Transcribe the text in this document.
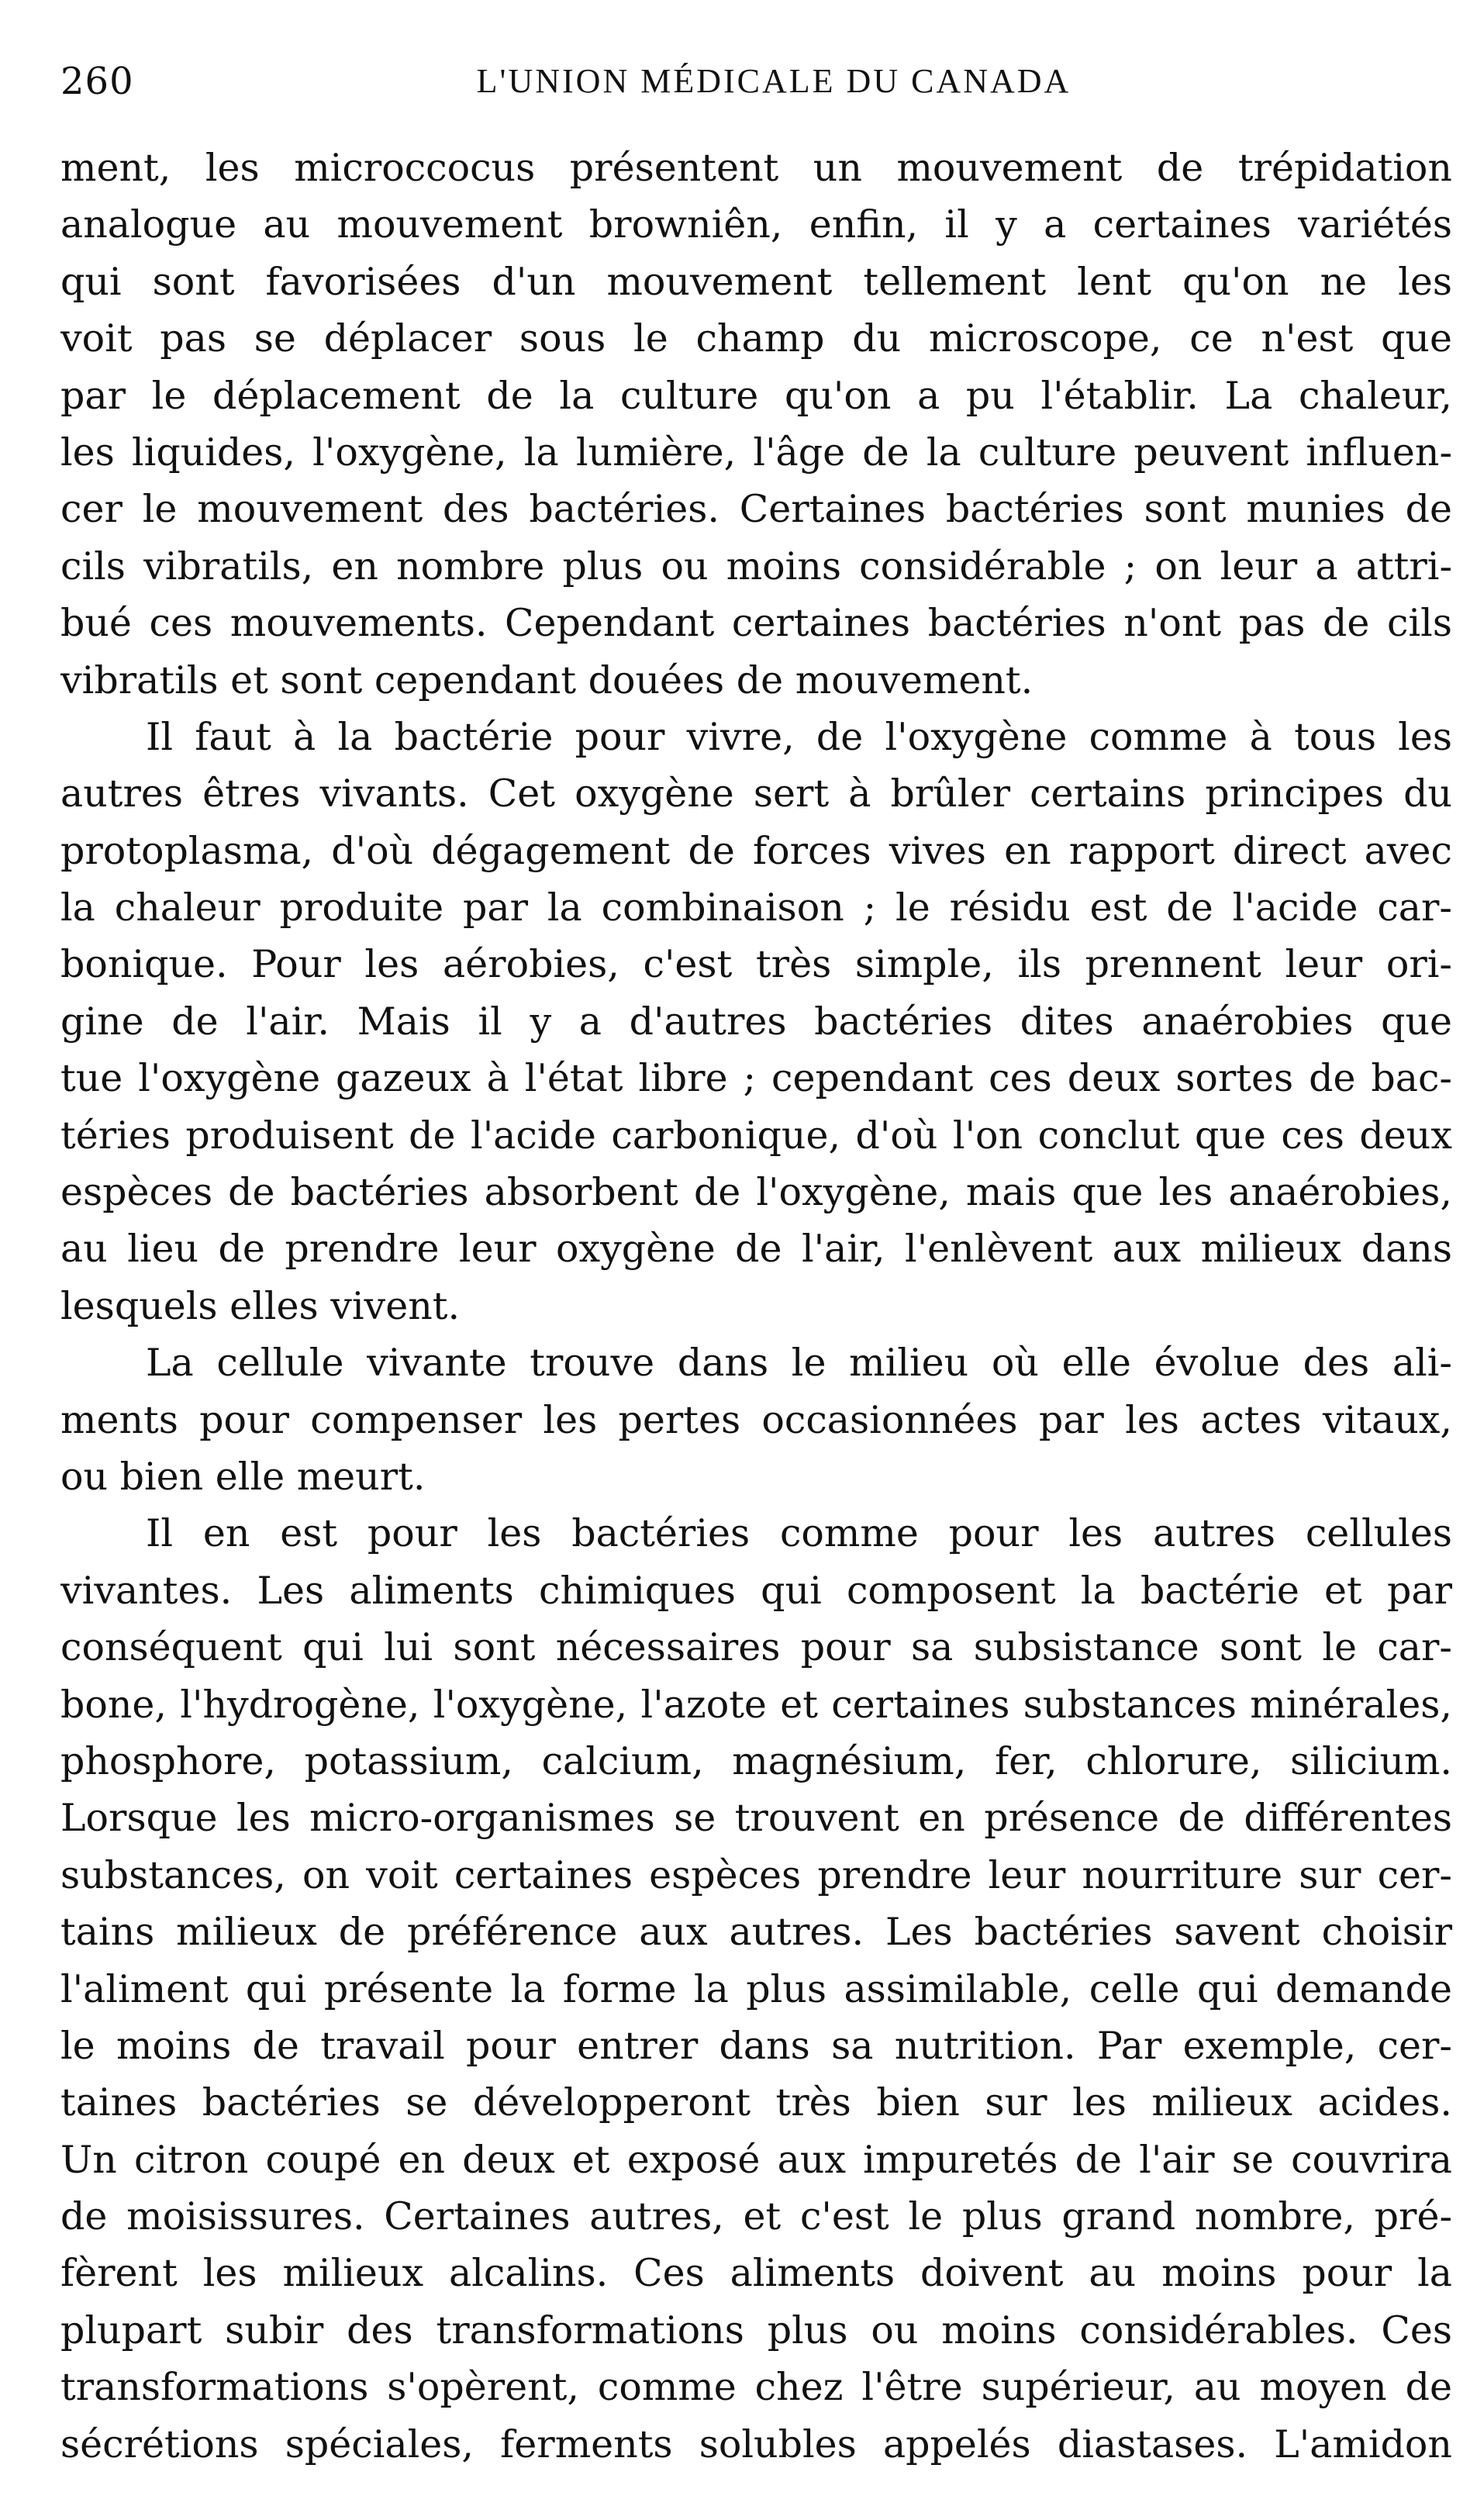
260	L'UNION MÉDICALE DU CANADA
ment, les microccocus présentent un mouvement de trépidation
analogue au mouvement browniên, enfin, il y a certaines variétés
qui sont favorisées d'un mouvement tellement lent qu'on ne les
voit pas se déplacer sous le champ du microscope, ce n'est que
par le déplacement de la culture qu'on a pu l'établir. La chaleur,
les liquides, l'oxygène, la lumière, l'âge de la culture peuvent influen-
cer le mouvement des bactéries. Certaines bactéries sont munies de
cils vibratils, en nombre plus ou moins considérable ; on leur a attri-
bué ces mouvements. Cependant certaines bactéries n'ont pas de cils
vibratils et sont cependant douées de mouvement.
Il faut à la bactérie pour vivre, de l'oxygène comme à tous les
autres êtres vivants. Cet oxygène sert à brûler certains principes du
protoplasma, d'où dégagement de forces vives en rapport direct avec
la chaleur produite par la combinaison ; le résidu est de l'acide car-
bonique. Pour les aérobies, c'est très simple, ils prennent leur ori-
gine de l'air. Mais il y a d'autres bactéries dites anaérobies que
tue l'oxygène gazeux à l'état libre ; cependant ces deux sortes de bac-
téries produisent de l'acide carbonique, d'où l'on conclut que ces deux
espèces de bactéries absorbent de l'oxygène, mais que les anaérobies,
au lieu de prendre leur oxygène de l'air, l'enlèvent aux milieux dans
lesquels elles vivent.
La cellule vivante trouve dans le milieu où elle évolue des ali-
ments pour compenser les pertes occasionnées par les actes vitaux,
ou bien elle meurt.
Il en est pour les bactéries comme pour les autres cellules
vivantes. Les aliments chimiques qui composent la bactérie et par
conséquent qui lui sont nécessaires pour sa subsistance sont le car-
bone, l'hydrogène, l'oxygène, l'azote et certaines substances minérales,
phosphore, potassium, calcium, magnésium, fer, chlorure, silicium.
Lorsque les micro-organismes se trouvent en présence de différentes
substances, on voit certaines espèces prendre leur nourriture sur cer-
tains milieux de préférence aux autres. Les bactéries savent choisir
l'aliment qui présente la forme la plus assimilable, celle qui demande
le moins de travail pour entrer dans sa nutrition. Par exemple, cer-
taines bactéries se développeront très bien sur les milieux acides.
Un citron coupé en deux et exposé aux impuretés de l'air se couvrira
de moisissures. Certaines autres, et c'est le plus grand nombre, pré-
fèrent les milieux alcalins. Ces aliments doivent au moins pour la
plupart subir des transformations plus ou moins considérables. Ces
transformations s'opèrent, comme chez l'être supérieur, au moyen de
sécrétions spéciales, ferments solubles appelés diastases. L'amidon
